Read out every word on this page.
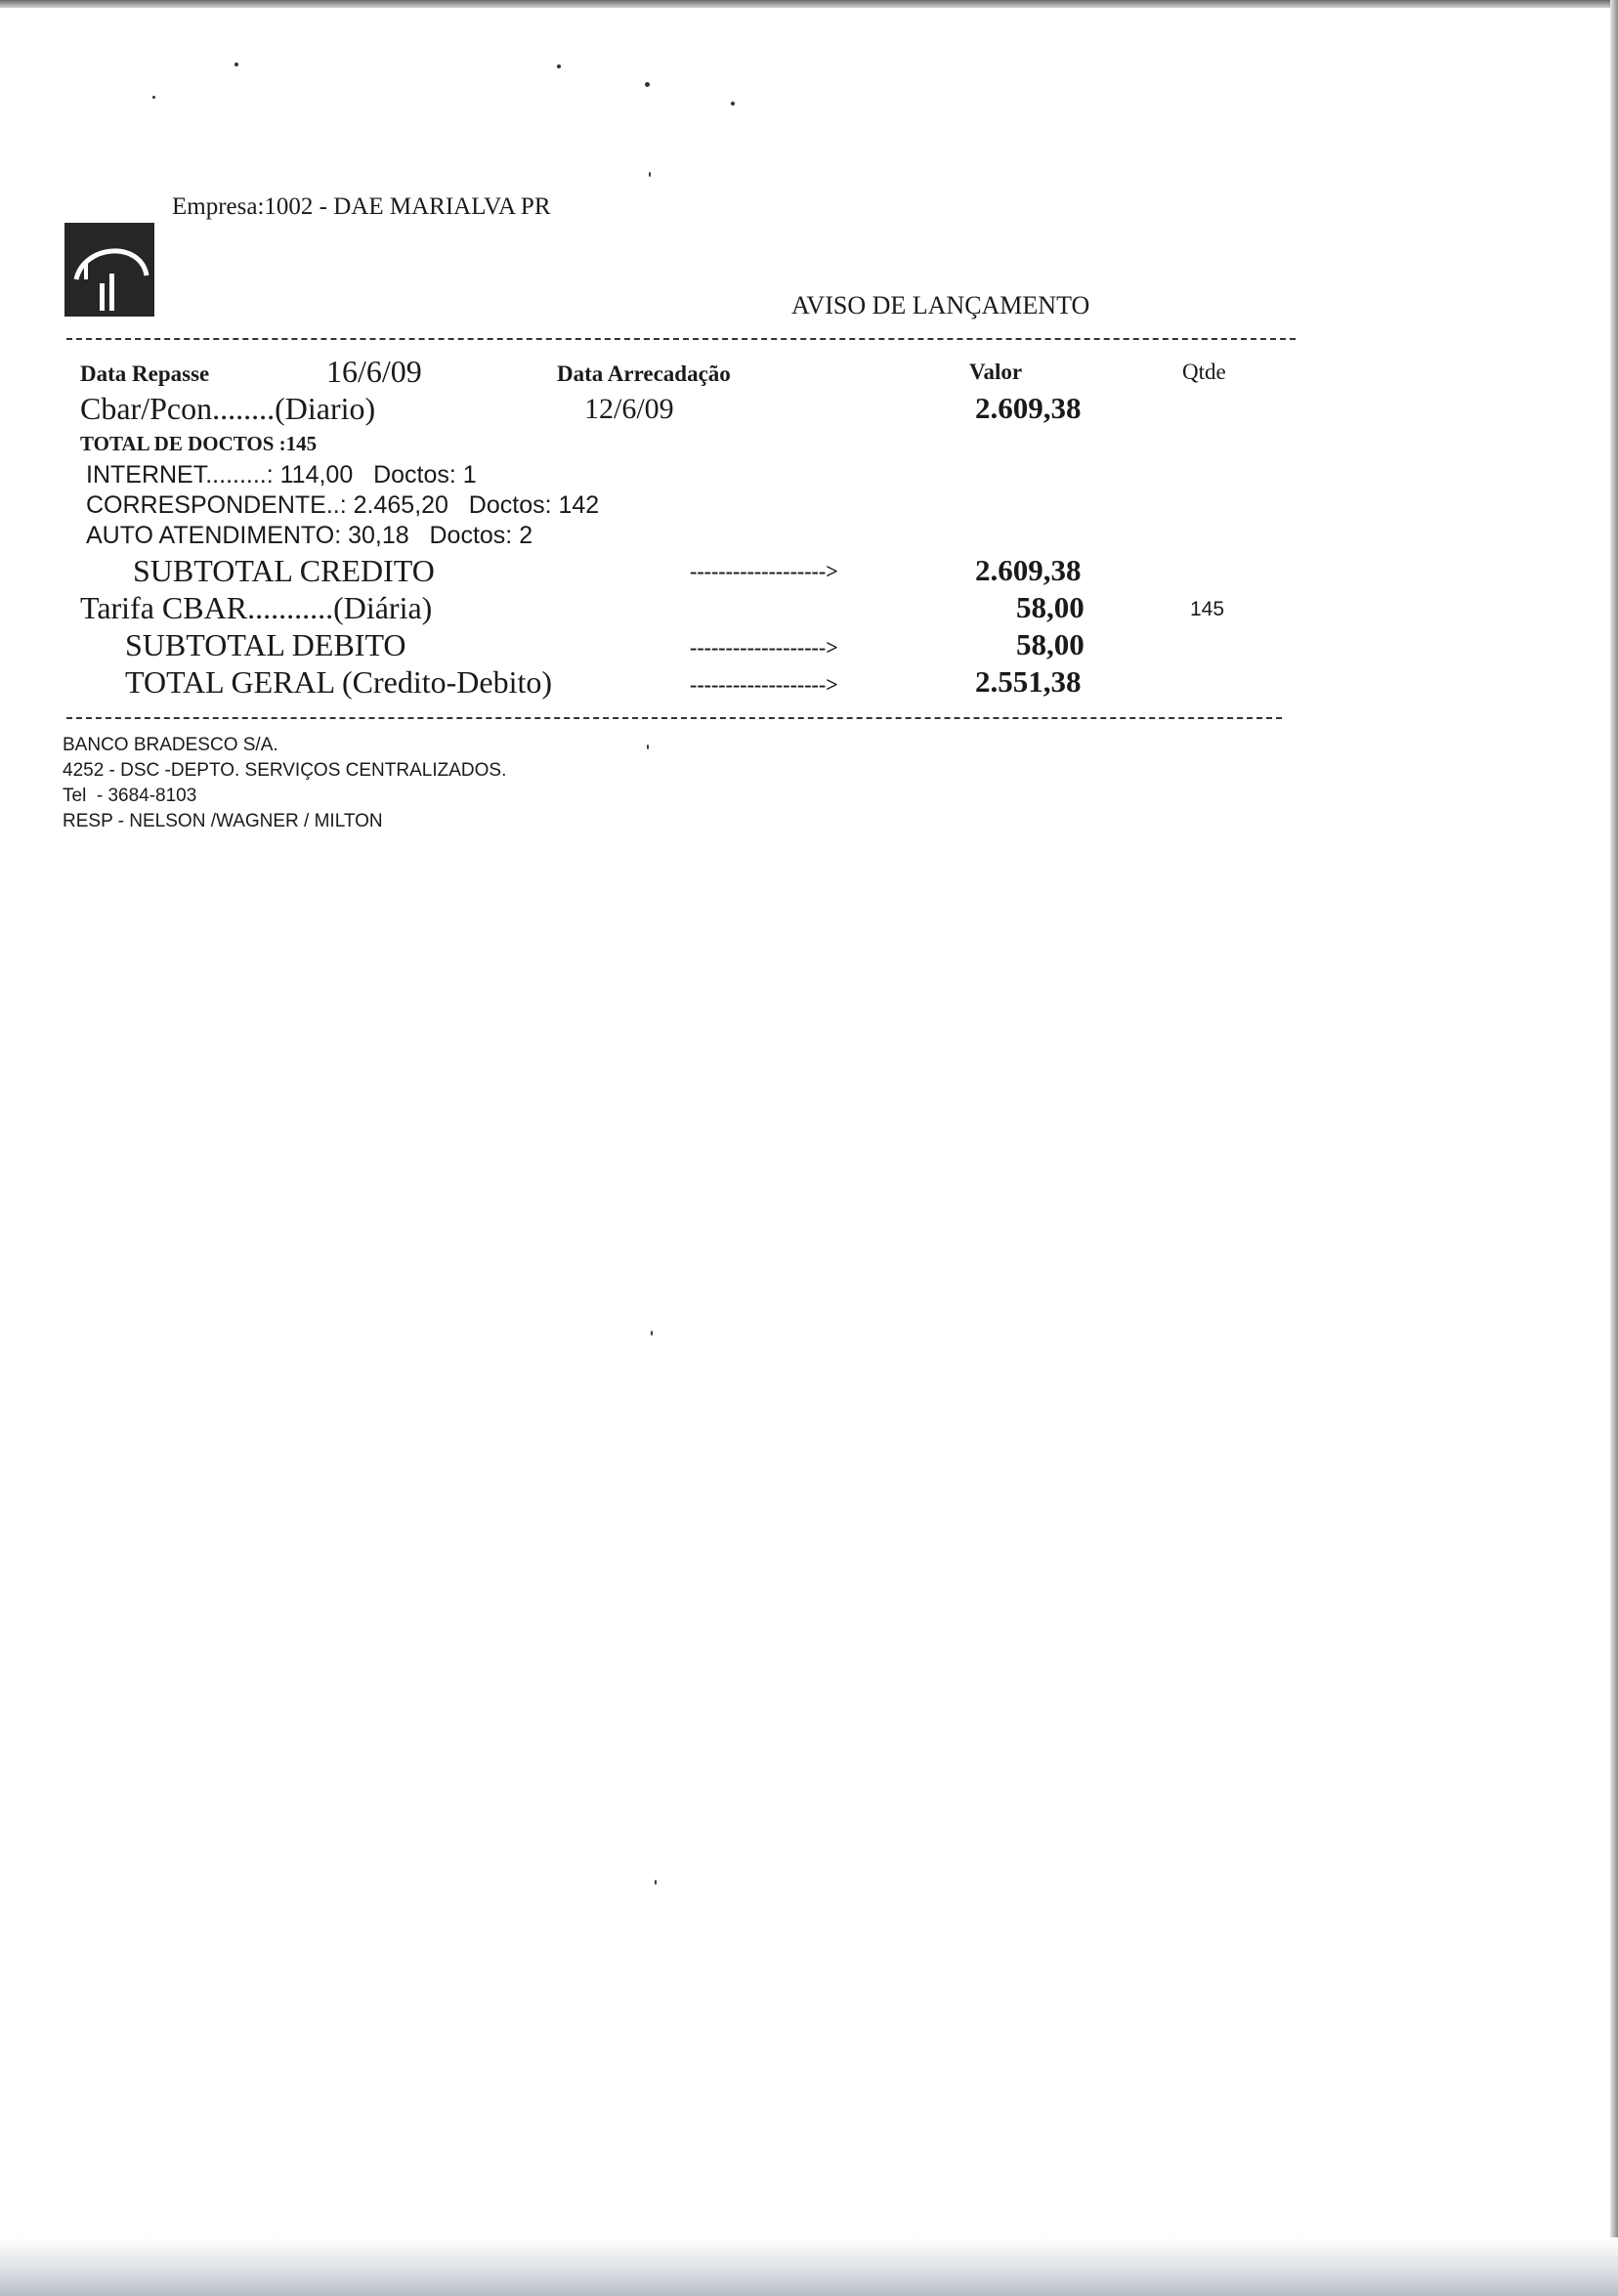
Empresa:1002 - DAE MARIALVA PR
AVISO DE LANÇAMENTO
Data Repasse	16/6/09	Data Arrecadação	Valor	Qtde
Cbar/Pcon........(Diario)	12/6/09	2.609,38
TOTAL DE DOCTOS :145
INTERNET.........: 114,00   Doctos: 1
CORRESPONDENTE..: 2.465,20   Doctos: 142
AUTO ATENDIMENTO: 30,18   Doctos: 2
SUBTOTAL CREDITO	------------------->	2.609,38
Tarifa CBAR...........(Diária)	58,00	145
SUBTOTAL DEBITO	------------------->	58,00
TOTAL GERAL (Credito-Debito)	------------------->	2.551,38
BANCO BRADESCO S/A.
4252 - DSC -DEPTO. SERVIÇOS CENTRALIZADOS.
Tel  - 3684-8103
RESP - NELSON /WAGNER / MILTON
